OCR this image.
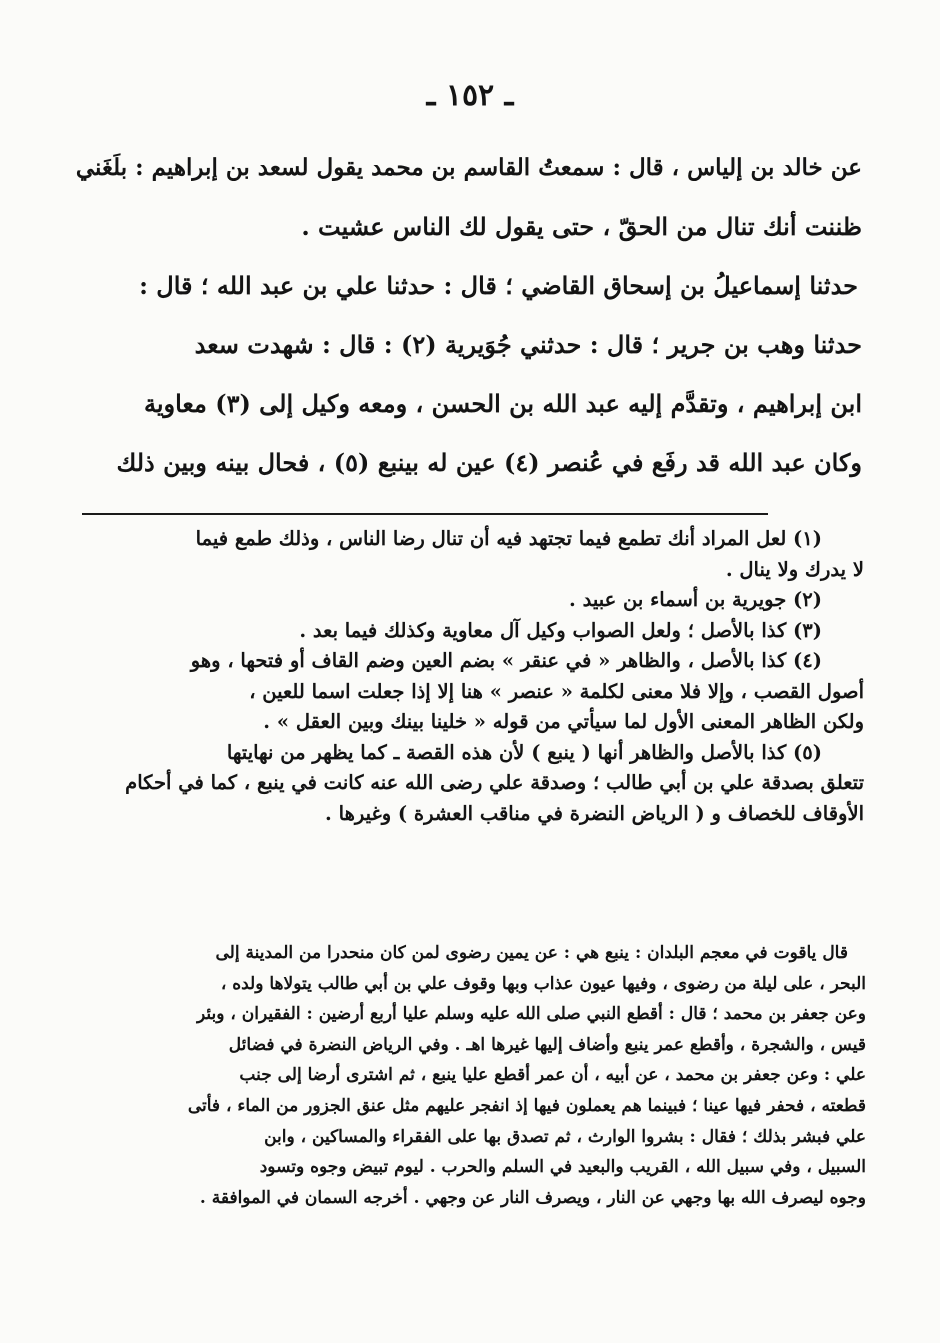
ـ ١٥٢ ـ

عن خالد بن إلياس ، قال : سمعتُ القاسم بن محمد يقول لسعد بن إبراهيم : بلَغَني

ظننت أنك تنال من الحقّ ، حتى يقول لك الناس عشيت .

حدثنا إسماعيلُ بن إسحاق القاضي ؛ قال : حدثنا علي بن عبد الله ؛ قال :

حدثنا وهب بن جرير ؛ قال : حدثني جُوَيرية (٢) : قال : شهدت سعد

ابن إبراهيم ، وتقدَّم إليه عبد الله بن الحسن ، ومعه وكيل إلى (٣) معاوية

وكان عبد الله قد رفَع في عُنصر (٤) عين له بينبع (٥) ، فحال بينه وبين ذلك

(١) لعل المراد أنك تطمع فيما تجتهد فيه أن تنال رضا الناس ، وذلك طمع فيما

لا يدرك ولا ينال .

(٢) جويرية بن أسماء بن عبيد .

(٣) كذا بالأصل ؛ ولعل الصواب وكيل آل معاوية وكذلك فيما بعد .

(٤) كذا بالأصل ، والظاهر « في عنقر » بضم العين وضم القاف أو فتحها ، وهو

أصول القصب ، وإلا فلا معنى لكلمة « عنصر » هنا إلا إذا جعلت اسما للعين ،

ولكن الظاهر المعنى الأول لما سيأتي من قوله « خلينا بينك وبين العقل » .

(٥) كذا بالأصل والظاهر أنها ( ينبع ) لأن هذه القصة ـ كما يظهر من نهايتها

تتعلق بصدقة علي بن أبي طالب ؛ وصدقة علي رضى الله عنه كانت في ينبع ، كما في أحكام

الأوقاف للخصاف و ( الرياض النضرة في مناقب العشرة ) وغيرها .

قال ياقوت في معجم البلدان : ينبع هي : عن يمين رضوى لمن كان منحدرا من المدينة إلى

البحر ، على ليلة من رضوى ، وفيها عيون عذاب وبها وقوف علي بن أبي طالب يتولاها ولده ،

وعن جعفر بن محمد ؛ قال : أقطع النبي صلى الله عليه وسلم عليا أربع أرضين : الفقيران ، وبئر

قيس ، والشجرة ، وأقطع عمر ينبع وأضاف إليها غيرها اهـ . وفي الرياض النضرة في فضائل

علي : وعن جعفر بن محمد ، عن أبيه ، أن عمر أقطع عليا ينبع ، ثم اشترى أرضا إلى جنب

قطعته ، فحفر فيها عينا ؛ فبينما هم يعملون فيها إذ انفجر عليهم مثل عنق الجزور من الماء ، فأتى

علي فبشر بذلك ؛ فقال : بشروا الوارث ، ثم تصدق بها على الفقراء والمساكين ، وابن

السبيل ، وفي سبيل الله ، القريب والبعيد في السلم والحرب . ليوم تبيض وجوه وتسود

وجوه ليصرف الله بها وجهي عن النار ، ويصرف النار عن وجهي . أخرجه السمان في الموافقة .
